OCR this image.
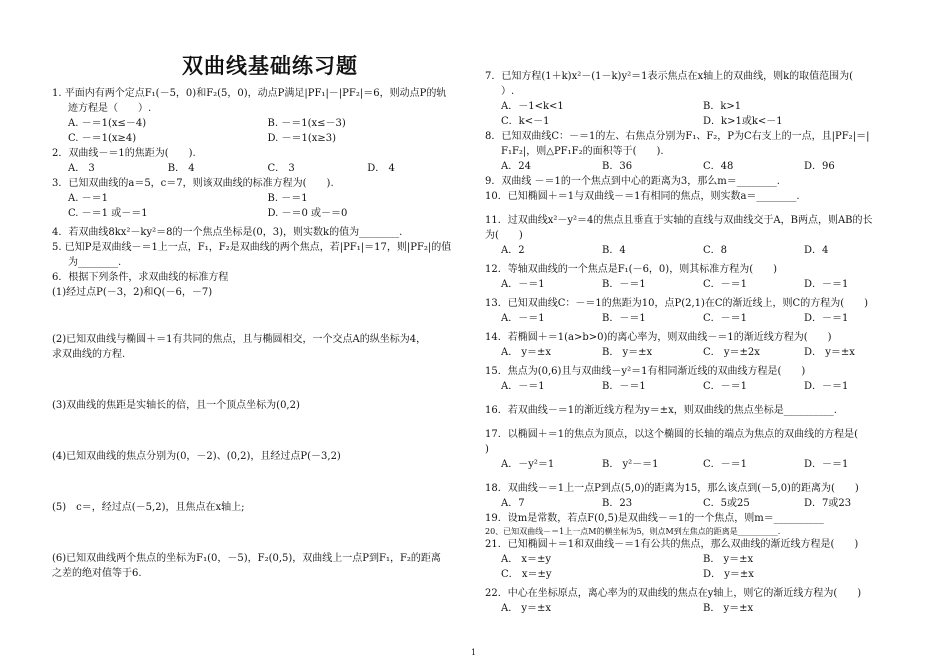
双曲线基础练习题

1. 平面内有两个定点F₁(－5，0)和F₂(5，0)，动点P满足|PF₁|－|PF₂|＝6，则动点P的轨

迹方程是（　　）.

A. －＝1(x≤－4)	B. －＝1(x≤－3)
C. －＝1(x≥4)	D. －＝1(x≥3)

2．双曲线－＝1的焦距为(　　).

A． 3	B． 4	C． 3	D． 4

3．已知双曲线的a＝5，c＝7，则该双曲线的标准方程为(　　).

A. －＝1	B. －＝1
C. －＝1 或－＝1	D. －＝0 或－＝0

4．若双曲线8kx²－ky²＝8的一个焦点坐标是(0，3)，则实数k的值为________.

5. 已知P是双曲线－＝1上一点，F₁，F₂是双曲线的两个焦点，若|PF₁|＝17，则|PF₂|的值

为________.

6．根据下列条件，求双曲线的标准方程

(1)经过点P(－3，2)和Q(－6，－7)

(2)已知双曲线与椭圆＋＝1有共同的焦点，且与椭圆相交，一个交点A的纵坐标为4，

求双曲线的方程.

(3)双曲线的焦距是实轴长的倍，且一个顶点坐标为(0,2)

(4)已知双曲线的焦点分别为(0，－2)、(0,2)，且经过点P(－3,2)

(5)　c＝，经过点(－5,2)，且焦点在x轴上;

(6)已知双曲线两个焦点的坐标为F₁(0，－5)，F₂(0,5)，双曲线上一点P到F₁，F₂的距离

之差的绝对值等于6.

7．已知方程(1＋k)x²－(1－k)y²＝1表示焦点在x轴上的双曲线，则k的取值范围为(

）.

A．－1<k<1	B．k>1
C．k<－1	D．k>1或k<－1

8．已知双曲线C：－＝1的左、右焦点分别为F₁、F₂，P为C右支上的一点，且|PF₂|＝|

F₁F₂|，则△PF₁F₂的面积等于(　　).

A．24	B．36	C．48	D．96

9．双曲线 －＝1的一个焦点到中心的距离为3，那么m＝________.

10．已知椭圆＋＝1与双曲线－＝1有相同的焦点，则实数a＝________.

11．过双曲线x²－y²＝4的焦点且垂直于实轴的直线与双曲线交于A，B两点，则AB的长

为(　　)

A．2	B．4	C．8	D．4

12．等轴双曲线的一个焦点是F₁(－6，0)，则其标准方程为(　　)

A．－＝1	B．－＝1	C．－＝1	D．－＝1

13．已知双曲线C：－＝1的焦距为10，点P(2,1)在C的渐近线上，则C的方程为(　　)

A．－＝1	B．－＝1	C．－＝1	D．－＝1

14．若椭圆＋＝1(a>b>0)的离心率为，则双曲线－＝1的渐近线方程为(　　)

A． y＝±x	B． y＝±x	C． y＝±2x	D． y＝±x

15．焦点为(0,6)且与双曲线－y²＝1有相同渐近线的双曲线方程是(　　)

A．－＝1	B．－＝1	C．－＝1	D．－＝1

16．若双曲线－＝1的渐近线方程为y＝±x，则双曲线的焦点坐标是__________.

17．以椭圆＋＝1的焦点为顶点，以这个椭圆的长轴的端点为焦点的双曲线的方程是(

)

A．－y²＝1	B． y²－＝1	C．－＝1	D．－＝1

18．双曲线－＝1上一点P到点(5,0)的距离为15，那么该点到(－5,0)的距离为(　　)

A．7	B．23	C．5或25	D．7或23

19．设m是常数，若点F(0,5)是双曲线－＝1的一个焦点，则m＝__________

20、已知双曲线－＝1上一点M的横坐标为5，则点M到左焦点的距离是__________.

21．已知椭圆＋＝1和双曲线－＝1有公共的焦点，那么双曲线的渐近线方程是(　　)

A． x＝±y	B． y＝±x
C． x＝±y	D． y＝±x

22．中心在坐标原点，离心率为的双曲线的焦点在y轴上，则它的渐近线方程为(　　)

A． y＝±x	B． y＝±x
1
